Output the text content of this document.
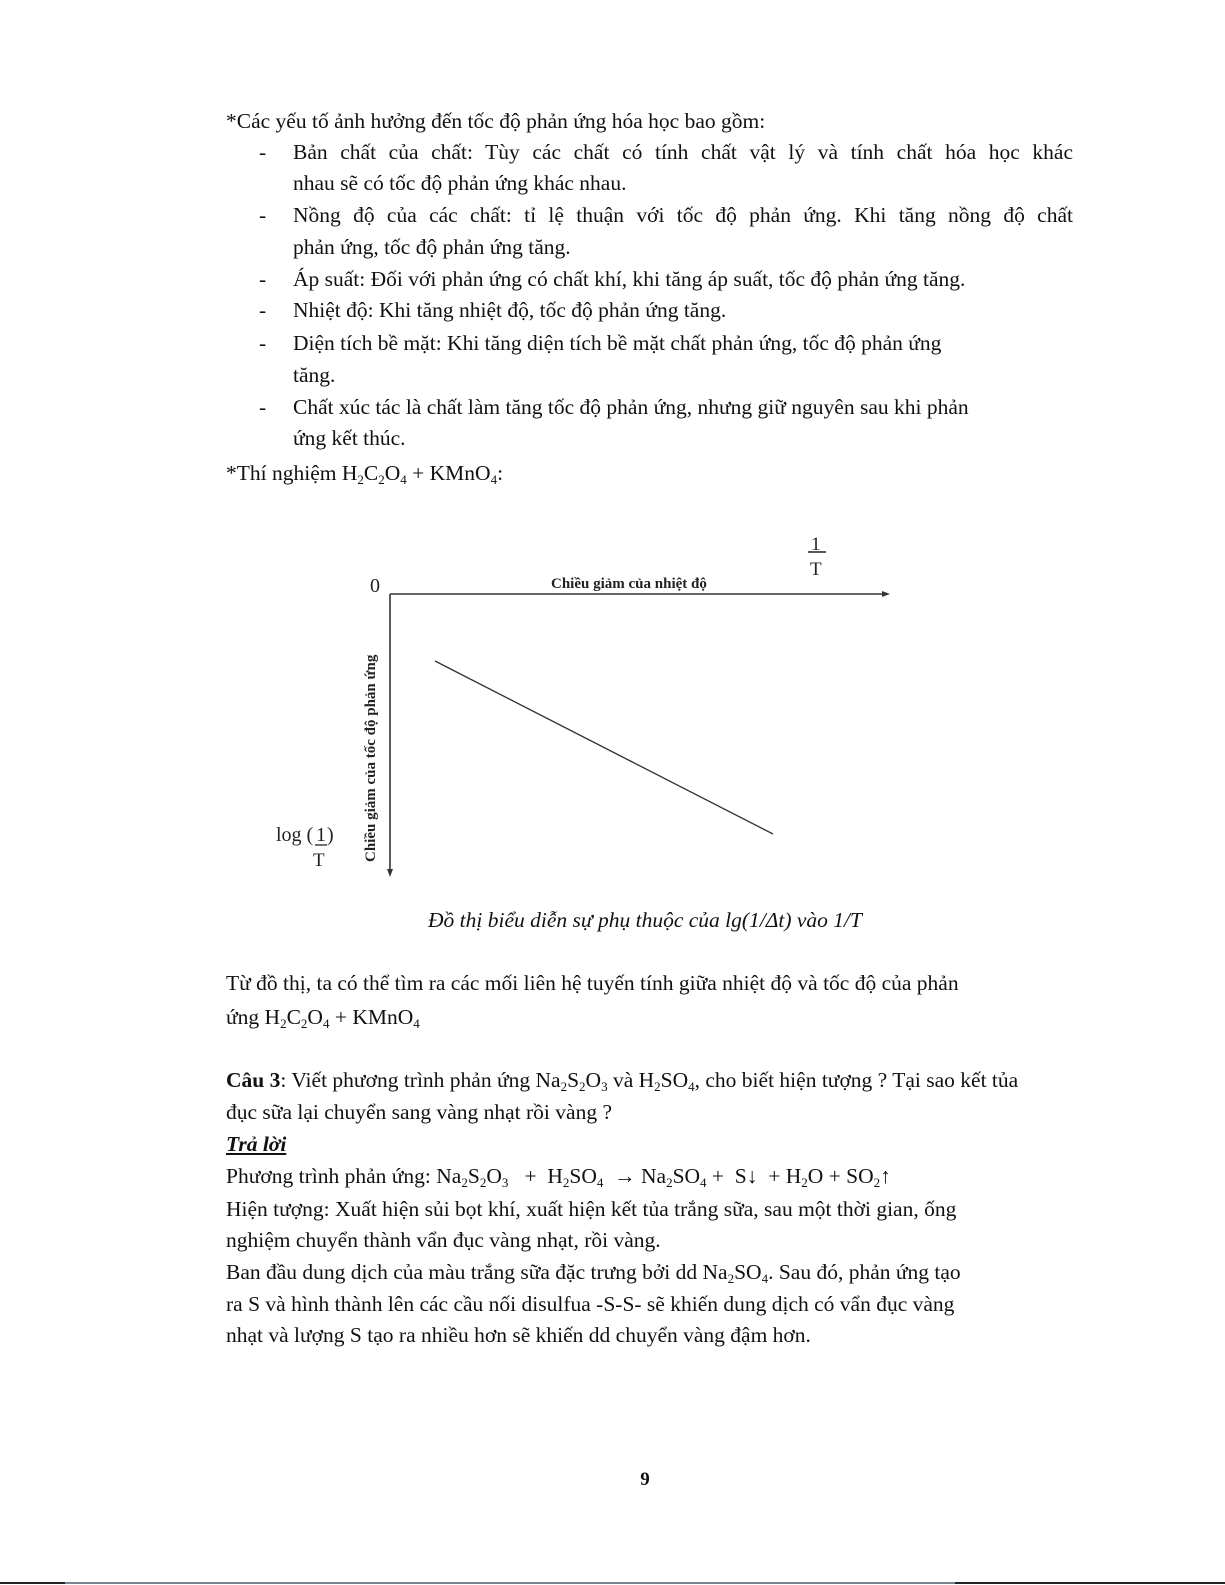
*Các yếu tố ảnh hưởng đến tốc độ phản ứng hóa học bao gồm:
- Bản chất của chất: Tùy các chất có tính chất vật lý và tính chất hóa học khác
nhau sẽ có tốc độ phản ứng khác nhau.
- Nồng độ của các chất: tỉ lệ thuận với tốc độ phản ứng. Khi tăng nồng độ chất
phản ứng, tốc độ phản ứng tăng.
- Áp suất: Đối với phản ứng có chất khí, khi tăng áp suất, tốc độ phản ứng tăng.
- Nhiệt độ: Khi tăng nhiệt độ, tốc độ phản ứng tăng.
- Diện tích bề mặt: Khi tăng diện tích bề mặt chất phản ứng, tốc độ phản ứng
tăng.
- Chất xúc tác là chất làm tăng tốc độ phản ứng, nhưng giữ nguyên sau khi phản
ứng kết thúc.
*Thí nghiệm $H_2C_2O_4$ + KMnO$_4$:
0	Chiều giảm của nhiệt độ
1
T
Chiều giảm của tốc độ phản ứng
log ( 1 )
T
Đồ thị biểu diễn sự phụ thuộc của lg(1/Δt) vào 1/T
Từ đồ thị, ta có thể tìm ra các mối liên hệ tuyến tính giữa nhiệt độ và tốc độ của phản
ứng $H_2C_2O_4$ + KMnO$_4$
Câu 3: Viết phương trình phản ứng $Na_2S_2O_3$ và $H_2SO_4$, cho biết hiện tượng ? Tại sao kết tủa
đục sữa lại chuyển sang vàng nhạt rồi vàng ?
Trả lời
Phương trình phản ứng: $Na_2S_2O_3 + H_2SO_4 \to Na_2SO_4$ +  S↓  + $H_2O$ + $SO_2↑$
Hiện tượng: Xuất hiện sủi bọt khí, xuất hiện kết tủa trắng sữa, sau một thời gian, ống
nghiệm chuyển thành vẩn đục vàng nhạt, rồi vàng.
Ban đầu dung dịch của màu trắng sữa đặc trưng bởi dd $Na_2SO_4$. Sau đó, phản ứng tạo
ra S và hình thành lên các cầu nối disulfua -S-S- sẽ khiến dung dịch có vẩn đục vàng
nhạt và lượng S tạo ra nhiều hơn sẽ khiến dd chuyển vàng đậm hơn.
9
